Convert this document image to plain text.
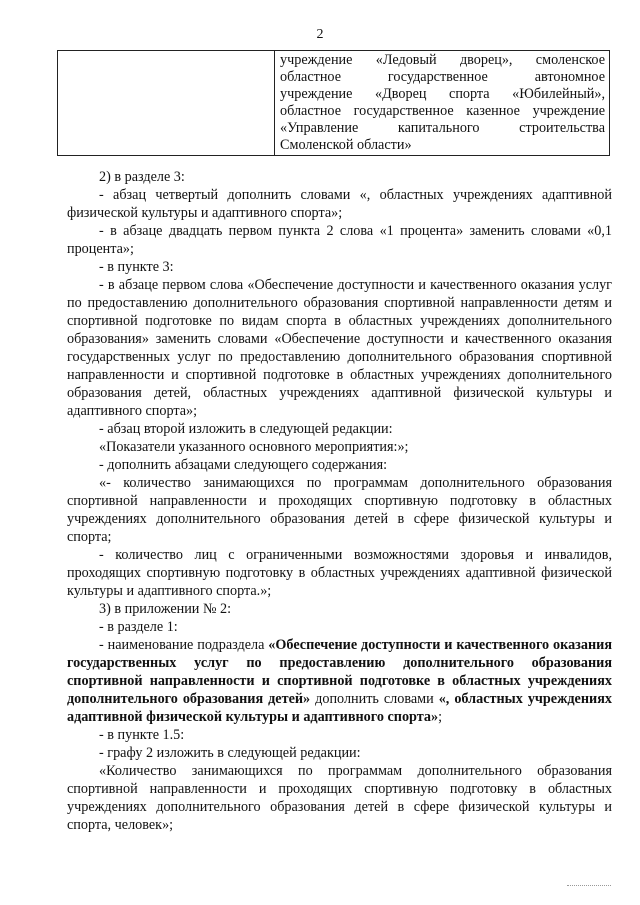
2

учреждение «Ледовый дворец», смоленское
областное государственное автономное
учреждение «Дворец спорта «Юбилейный»,
областное государственное казенное учреждение
«Управление капитального строительства
Смоленской области»

2) в разделе 3:

- абзац четвертый дополнить словами «, областных учреждениях адаптивной физической культуры и адаптивного спорта»;

- в абзаце двадцать первом пункта 2 слова «1 процента» заменить словами «0,1 процента»;

- в пункте 3:

- в абзаце первом слова «Обеспечение доступности и качественного оказания услуг по предоставлению дополнительного образования спортивной направленности детям и спортивной подготовке по видам спорта в областных учреждениях дополнительного образования» заменить словами «Обеспечение доступности и качественного оказания государственных услуг по предоставлению дополнительного образования спортивной направленности и спортивной подготовке в областных учреждениях дополнительного образования детей, областных учреждениях адаптивной физической культуры и адаптивного спорта»;

- абзац второй изложить в следующей редакции:

«Показатели указанного основного мероприятия:»;

- дополнить абзацами следующего содержания:

«- количество занимающихся по программам дополнительного образования спортивной направленности и проходящих спортивную подготовку в областных учреждениях дополнительного образования детей в сфере физической культуры и спорта;

- количество лиц с ограниченными возможностями здоровья и инвалидов, проходящих спортивную подготовку в областных учреждениях адаптивной физической культуры и адаптивного спорта.»;

3) в приложении № 2:

- в разделе 1:

- наименование подраздела «Обеспечение доступности и качественного оказания государственных услуг по предоставлению дополнительного образования спортивной направленности и спортивной подготовке в областных учреждениях дополнительного образования детей» дополнить словами «, областных учреждениях адаптивной физической культуры и адаптивного спорта»;

- в пункте 1.5:

- графу 2 изложить в следующей редакции:

«Количество занимающихся по программам дополнительного образования спортивной направленности и проходящих спортивную подготовку в областных учреждениях дополнительного образования детей в сфере физической культуры и спорта, человек»;
